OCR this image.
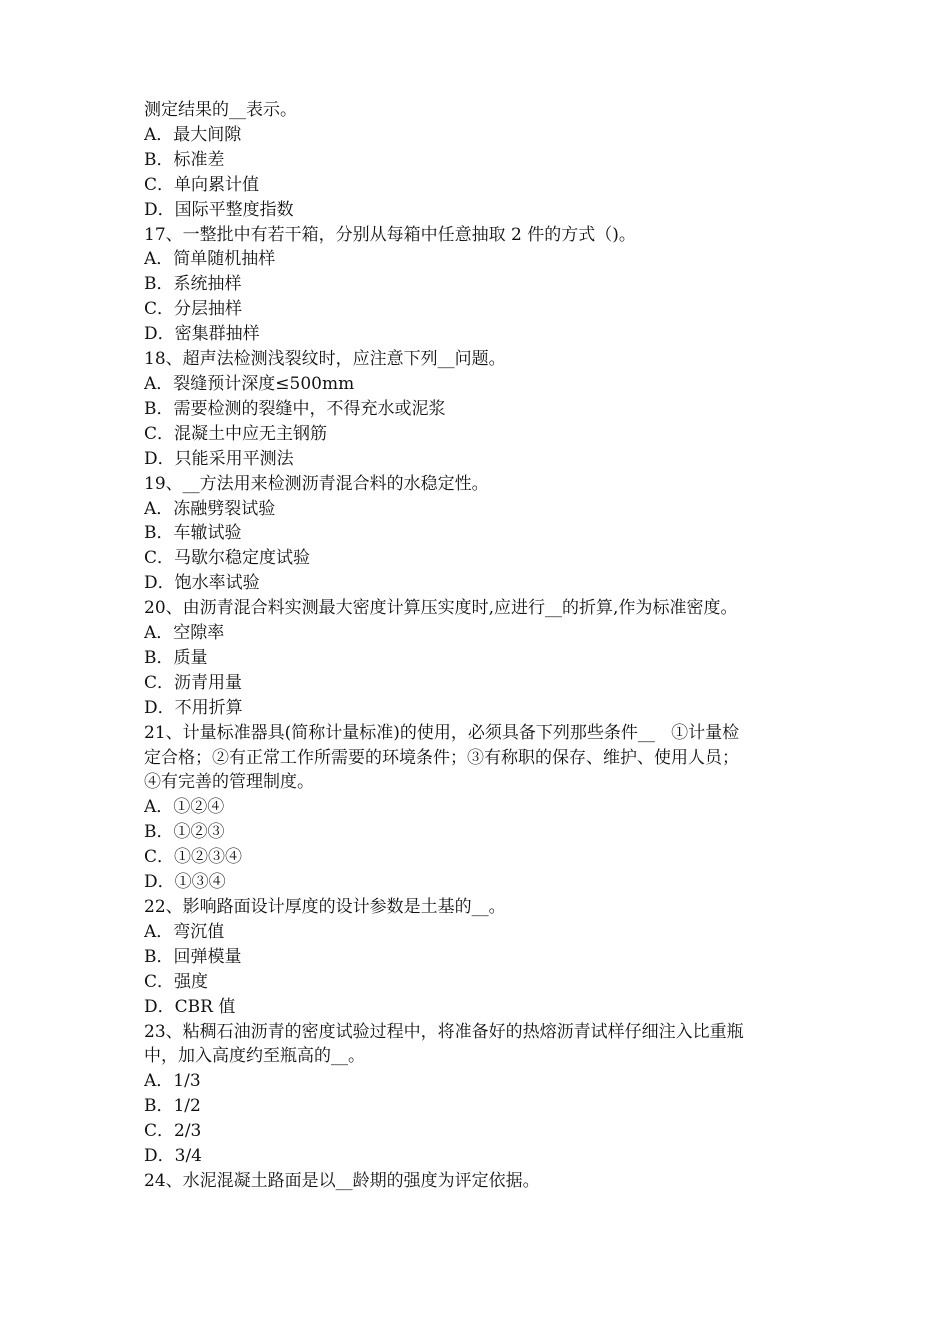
测定结果的__表示。
A．最大间隙
B．标准差
C．单向累计值
D．国际平整度指数
17、一整批中有若干箱，分别从每箱中任意抽取 2 件的方式（)。
A．简单随机抽样
B．系统抽样
C．分层抽样
D．密集群抽样
18、超声法检测浅裂纹时，应注意下列__问题。
A．裂缝预计深度≤500mm
B．需要检测的裂缝中，不得充水或泥浆
C．混凝土中应无主钢筋
D．只能采用平测法
19、__方法用来检测沥青混合料的水稳定性。
A．冻融劈裂试验
B．车辙试验
C．马歇尔稳定度试验
D．饱水率试验
20、由沥青混合料实测最大密度计算压实度时,应进行__的折算,作为标准密度。
A．空隙率
B．质量
C．沥青用量
D．不用折算
21、计量标准器具(简称计量标准)的使用，必须具备下列那些条件__   ①计量检
定合格；②有正常工作所需要的环境条件；③有称职的保存、维护、使用人员；
④有完善的管理制度。
A．①②④
B．①②③
C．①②③④
D．①③④
22、影响路面设计厚度的设计参数是土基的__。
A．弯沉值
B．回弹模量
C．强度
D．CBR 值
23、粘稠石油沥青的密度试验过程中，将准备好的热熔沥青试样仔细注入比重瓶
中，加入高度约至瓶高的__。
A．1/3
B．1/2
C．2/3
D．3/4
24、水泥混凝土路面是以__龄期的强度为评定依据。
